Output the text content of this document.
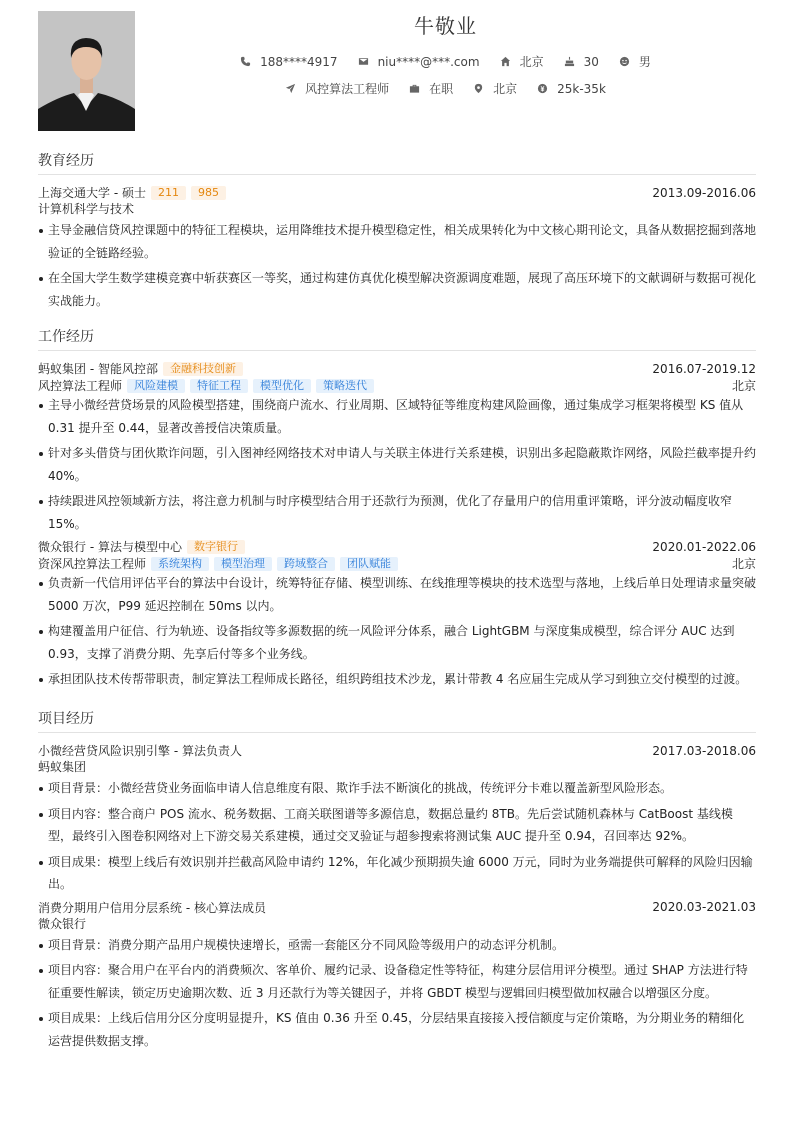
牛敬业
188****4917	niu****@***.com	北京	30	男
风控算法工程师	在职	北京	25k-35k
教育经历
上海交通大学 - 硕士	211	985	2013.09-2016.06
计算机科学与技术
主导金融信贷风控课题中的特征工程模块，运用降维技术提升模型稳定性，相关成果转化为中文核心期刊论文，具备从数据挖掘到落地验证的全链路经验。
在全国大学生数学建模竞赛中斩获赛区一等奖，通过构建仿真优化模型解决资源调度难题，展现了高压环境下的文献调研与数据可视化实战能力。
工作经历
蚂蚁集团 - 智能风控部	金融科技创新	2016.07-2019.12
风控算法工程师	风险建模	特征工程	模型优化	策略迭代	北京
主导小微经营贷场景的风险模型搭建，围绕商户流水、行业周期、区域特征等维度构建风险画像，通过集成学习框架将模型 KS 值从 0.31 提升至 0.44，显著改善授信决策质量。
针对多头借贷与团伙欺诈问题，引入图神经网络技术对申请人与关联主体进行关系建模，识别出多起隐蔽欺诈网络，风险拦截率提升约 40%。
持续跟进风控领域新方法，将注意力机制与时序模型结合用于还款行为预测，优化了存量用户的信用重评策略，评分波动幅度收窄 15%。
微众银行 - 算法与模型中心	数字银行	2020.01-2022.06
资深风控算法工程师	系统架构	模型治理	跨域整合	团队赋能	北京
负责新一代信用评估平台的算法中台设计，统筹特征存储、模型训练、在线推理等模块的技术选型与落地，上线后单日处理请求量突破 5000 万次，P99 延迟控制在 50ms 以内。
构建覆盖用户征信、行为轨迹、设备指纹等多源数据的统一风险评分体系，融合 LightGBM 与深度集成模型，综合评分 AUC 达到 0.93，支撑了消费分期、先享后付等多个业务线。
承担团队技术传帮带职责，制定算法工程师成长路径，组织跨组技术沙龙，累计带教 4 名应届生完成从学习到独立交付模型的过渡。
项目经历
小微经营贷风险识别引擎 - 算法负责人	2017.03-2018.06
蚂蚁集团
项目背景：小微经营贷业务面临申请人信息维度有限、欺诈手法不断演化的挑战，传统评分卡难以覆盖新型风险形态。
项目内容：整合商户 POS 流水、税务数据、工商关联图谱等多源信息，数据总量约 8TB。先后尝试随机森林与 CatBoost 基线模型，最终引入图卷积网络对上下游交易关系建模，通过交叉验证与超参搜索将测试集 AUC 提升至 0.94，召回率达 92%。
项目成果：模型上线后有效识别并拦截高风险申请约 12%，年化减少预期损失逾 6000 万元，同时为业务端提供可解释的风险归因输出。
消费分期用户信用分层系统 - 核心算法成员	2020.03-2021.03
微众银行
项目背景：消费分期产品用户规模快速增长，亟需一套能区分不同风险等级用户的动态评分机制。
项目内容：聚合用户在平台内的消费频次、客单价、履约记录、设备稳定性等特征，构建分层信用评分模型。通过 SHAP 方法进行特征重要性解读，锁定历史逾期次数、近 3 月还款行为等关键因子，并将 GBDT 模型与逻辑回归模型做加权融合以增强区分度。
项目成果：上线后信用分区分度明显提升，KS 值由 0.36 升至 0.45，分层结果直接接入授信额度与定价策略，为分期业务的精细化运营提供数据支撑。
